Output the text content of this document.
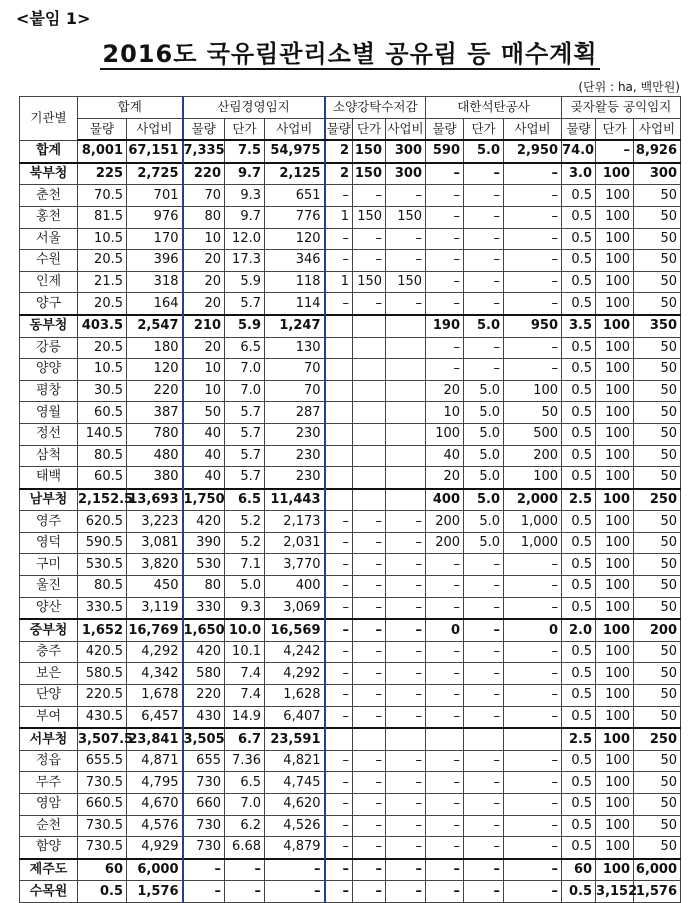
<붙임 1>
2016도 국유림관리소별 공유림 등 매수계획
(단위 : ha, 백만원)
기관별	합계		산림경영임지			소양강탁수저감			대한석탄공사			곶자왈등 공익임지		
	물량	사업비	물량	단가	사업비	물량	단가	사업비	물량	단가	사업비	물량	단가	사업비
합계	8,001	67,151	7,335	7.5	54,975	2	150	300	590	5.0	2,950	74.0	–	8,926
북부청	225	2,725	220	9.7	2,125	2	150	300	–	–	–	3.0	100	300
춘천	70.5	701	70	9.3	651	–	–	–	–	–	–	0.5	100	50
홍천	81.5	976	80	9.7	776	1	150	150	–	–	–	0.5	100	50
서울	10.5	170	10	12.0	120	–	–	–	–	–	–	0.5	100	50
수원	20.5	396	20	17.3	346	–	–	–	–	–	–	0.5	100	50
인제	21.5	318	20	5.9	118	1	150	150	–	–	–	0.5	100	50
양구	20.5	164	20	5.7	114	–	–	–	–	–	–	0.5	100	50
동부청	403.5	2,547	210	5.9	1,247				190	5.0	950	3.5	100	350
강릉	20.5	180	20	6.5	130				–	–	–	0.5	100	50
양양	10.5	120	10	7.0	70				–	–	–	0.5	100	50
평창	30.5	220	10	7.0	70				20	5.0	100	0.5	100	50
영월	60.5	387	50	5.7	287				10	5.0	50	0.5	100	50
정선	140.5	780	40	5.7	230				100	5.0	500	0.5	100	50
삼척	80.5	480	40	5.7	230				40	5.0	200	0.5	100	50
태백	60.5	380	40	5.7	230				20	5.0	100	0.5	100	50
남부청	2,152.5	13,693	1,750	6.5	11,443				400	5.0	2,000	2.5	100	250
영주	620.5	3,223	420	5.2	2,173	–	–	–	200	5.0	1,000	0.5	100	50
영덕	590.5	3,081	390	5.2	2,031	–	–	–	200	5.0	1,000	0.5	100	50
구미	530.5	3,820	530	7.1	3,770	–	–	–	–	–	–	0.5	100	50
울진	80.5	450	80	5.0	400	–	–	–	–	–	–	0.5	100	50
양산	330.5	3,119	330	9.3	3,069	–	–	–	–	–	–	0.5	100	50
중부청	1,652	16,769	1,650	10.0	16,569	–	–	–	0	–	0	2.0	100	200
충주	420.5	4,292	420	10.1	4,242	–	–	–	–	–	–	0.5	100	50
보은	580.5	4,342	580	7.4	4,292	–	–	–	–	–	–	0.5	100	50
단양	220.5	1,678	220	7.4	1,628	–	–	–	–	–	–	0.5	100	50
부여	430.5	6,457	430	14.9	6,407	–	–	–	–	–	–	0.5	100	50
서부청	3,507.5	23,841	3,505	6.7	23,591							2.5	100	250
정읍	655.5	4,871	655	7.36	4,821	–	–	–	–	–	–	0.5	100	50
무주	730.5	4,795	730	6.5	4,745	–	–	–	–	–	–	0.5	100	50
영암	660.5	4,670	660	7.0	4,620	–	–	–	–	–	–	0.5	100	50
순천	730.5	4,576	730	6.2	4,526	–	–	–	–	–	–	0.5	100	50
함양	730.5	4,929	730	6.68	4,879	–	–	–	–	–	–	0.5	100	50
제주도	60	6,000	–	–	–	–	–	–	–	–	–	60	100	6,000
수목원	0.5	1,576	–	–	–	–	–	–	–	–	–	0.5	3,152	1,576
